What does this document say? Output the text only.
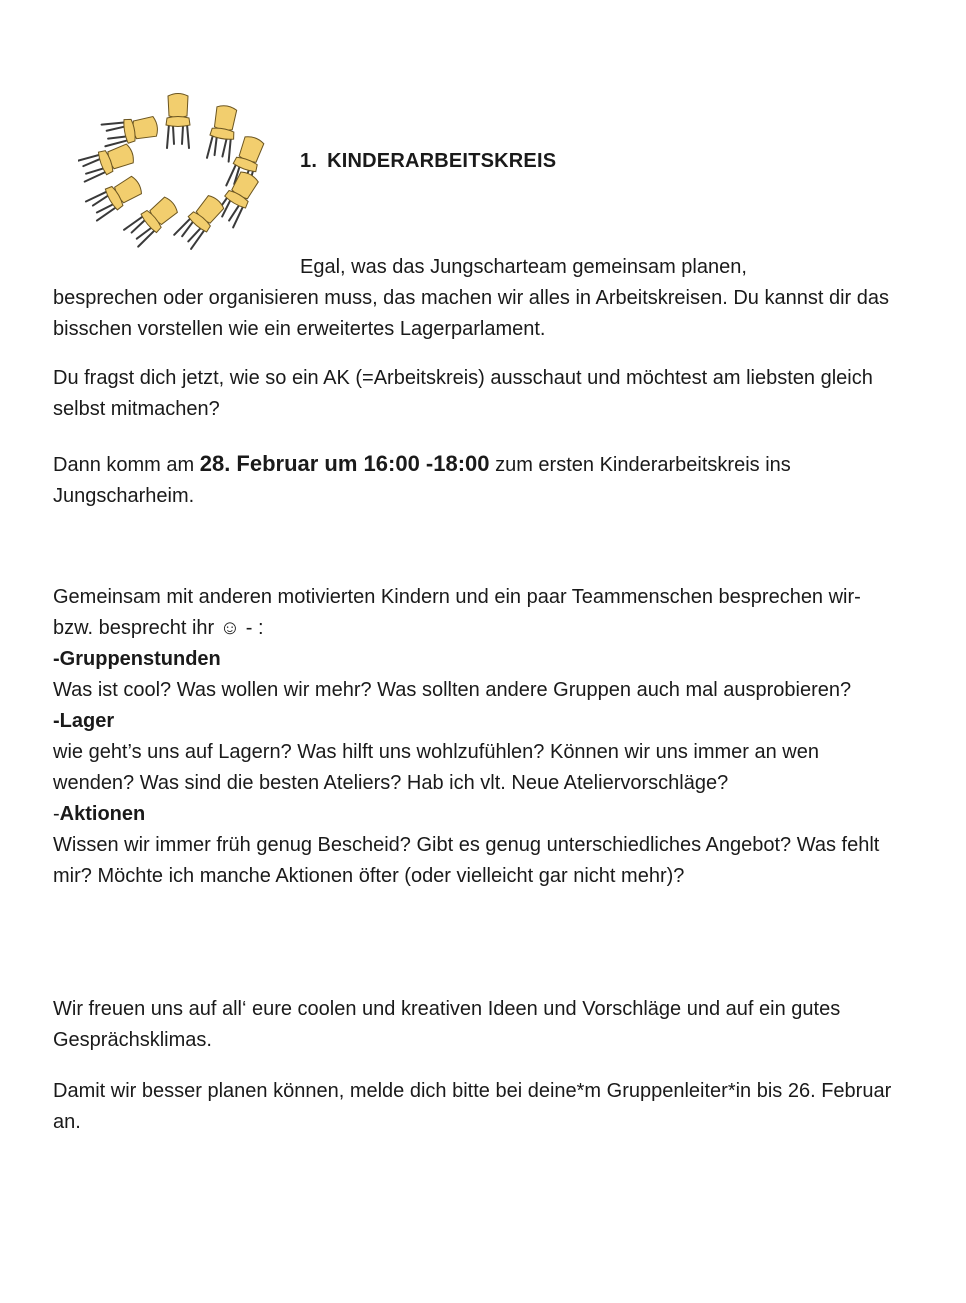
1. KINDERARBEITSKREIS

Egal, was das Jungscharteam gemeinsam planen,

besprechen oder organisieren muss, das machen wir alles in Arbeitskreisen. Du kannst dir das bisschen vorstellen wie ein erweitertes Lagerparlament.

Du fragst dich jetzt, wie so ein AK (=Arbeitskreis) ausschaut und möchtest am liebsten gleich selbst mitmachen?

Dann komm am 28. Februar um 16:00 -18:00 zum ersten Kinderarbeitskreis ins Jungscharheim.

Gemeinsam mit anderen motivierten Kindern und ein paar Teammenschen besprechen wir- bzw. besprecht ihr ☺ - :
-Gruppenstunden
Was ist cool? Was wollen wir mehr? Was sollten andere Gruppen auch mal ausprobieren?
-Lager
wie geht’s uns auf Lagern? Was hilft uns wohlzufühlen? Können wir uns immer an wen wenden? Was sind die besten Ateliers? Hab ich vlt. Neue Ateliervorschläge?
-Aktionen
Wissen wir immer früh genug Bescheid? Gibt es genug unterschiedliches Angebot? Was fehlt mir? Möchte ich manche Aktionen öfter (oder vielleicht gar nicht mehr)?

Wir freuen uns auf all‘ eure coolen und kreativen Ideen und Vorschläge und auf ein gutes Gesprächsklimas.

Damit wir besser planen können, melde dich bitte bei deine*m Gruppenleiter*in bis 26. Februar an.
